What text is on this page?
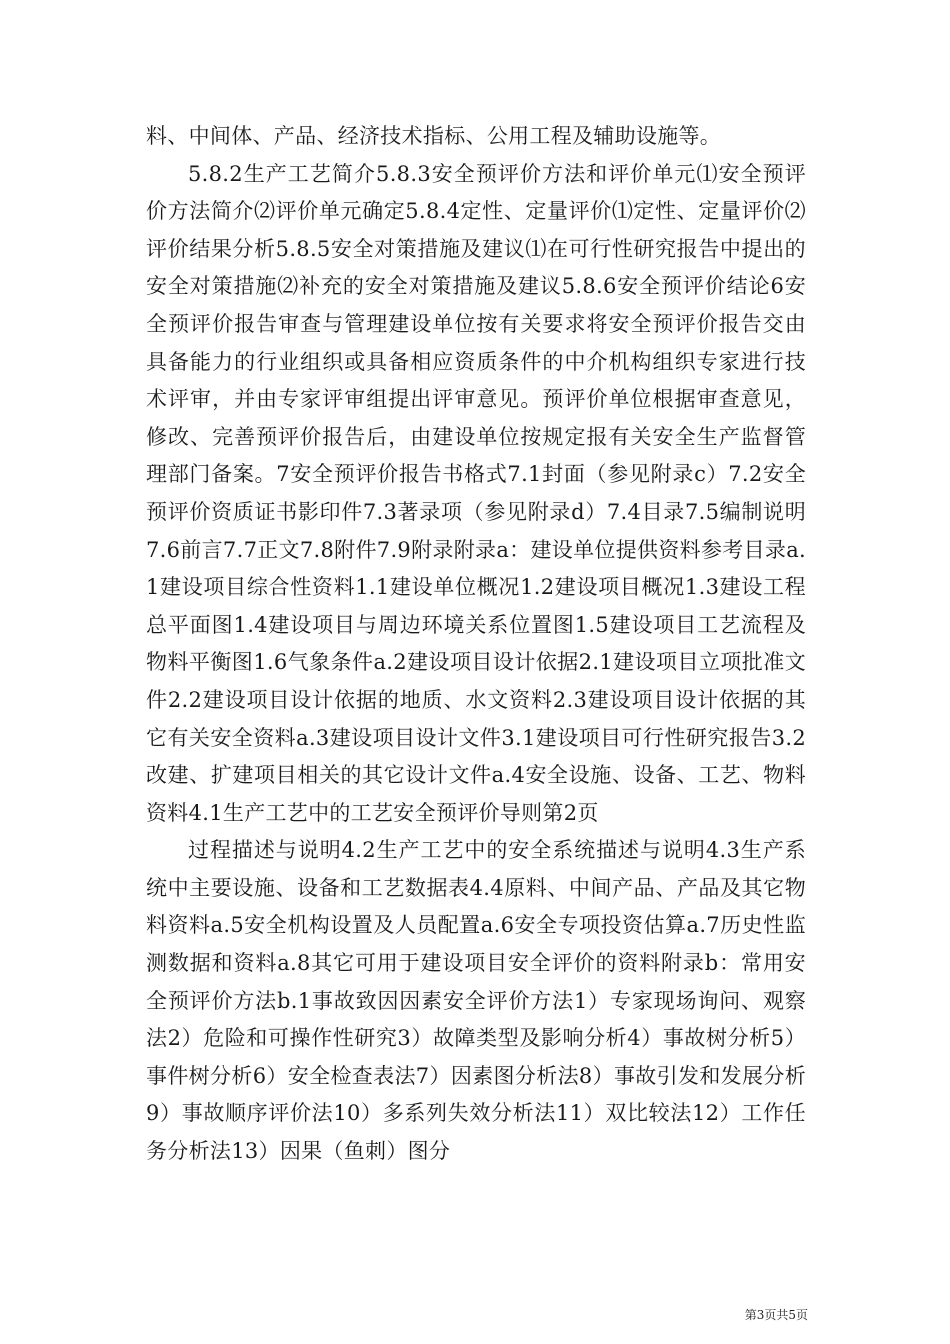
料、中间体、产品、经济技术指标、公用工程及辅助设施等。

5.8.2生产工艺简介5.8.3安全预评价方法和评价单元⑴安全预评价方法简介⑵评价单元确定5.8.4定性、定量评价⑴定性、定量评价⑵评价结果分析5.8.5安全对策措施及建议⑴在可行性研究报告中提出的安全对策措施⑵补充的安全对策措施及建议5.8.6安全预评价结论6安全预评价报告审查与管理建设单位按有关要求将安全预评价报告交由具备能力的行业组织或具备相应资质条件的中介机构组织专家进行技术评审，并由专家评审组提出评审意见。预评价单位根据审查意见，修改、完善预评价报告后，由建设单位按规定报有关安全生产监督管理部门备案。7安全预评价报告书格式7.1封面（参见附录c）7.2安全预评价资质证书影印件7.3著录项（参见附录d）7.4目录7.5编制说明7.6前言7.7正文7.8附件7.9附录附录a：建设单位提供资料参考目录a.1建设项目综合性资料1.1建设单位概况1.2建设项目概况1.3建设工程总平面图1.4建设项目与周边环境关系位置图1.5建设项目工艺流程及物料平衡图1.6气象条件a.2建设项目设计依据2.1建设项目立项批准文件2.2建设项目设计依据的地质、水文资料2.3建设项目设计依据的其它有关安全资料a.3建设项目设计文件3.1建设项目可行性研究报告3.2改建、扩建项目相关的其它设计文件a.4安全设施、设备、工艺、物料资料4.1生产工艺中的工艺安全预评价导则第2页

过程描述与说明4.2生产工艺中的安全系统描述与说明4.3生产系统中主要设施、设备和工艺数据表4.4原料、中间产品、产品及其它物料资料a.5安全机构设置及人员配置a.6安全专项投资估算a.7历史性监测数据和资料a.8其它可用于建设项目安全评价的资料附录b：常用安全预评价方法b.1事故致因因素安全评价方法1）专家现场询问、观察法2）危险和可操作性研究3）故障类型及影响分析4）事故树分析5）事件树分析6）安全检查表法7）因素图分析法8）事故引发和发展分析9）事故顺序评价法10）多系列失效分析法11）双比较法12）工作任务分析法13）因果（鱼刺）图分

第3页共5页
